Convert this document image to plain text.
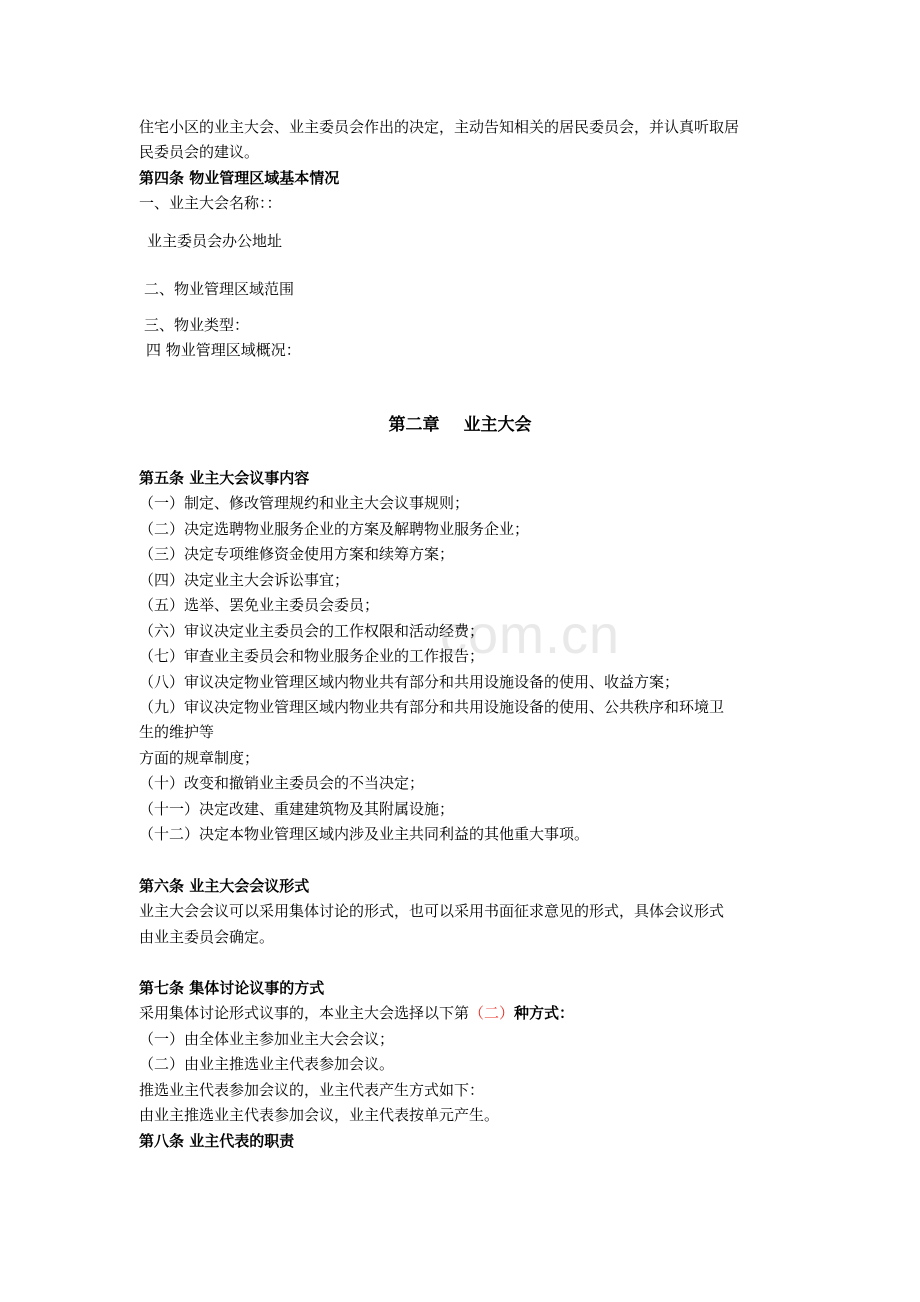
com.cn
住宅小区的业主大会、业主委员会作出的决定，主动告知相关的居民委员会，并认真听取居
民委员会的建议。
第四条 物业管理区域基本情况
一、业主大会名称：：
业主委员会办公地址
二、物业管理区域范围
三、物业类型：
四 物业管理区域概况：
第二章 业主大会
第五条 业主大会议事内容
（一）制定、修改管理规约和业主大会议事规则；
（二）决定选聘物业服务企业的方案及解聘物业服务企业；
（三）决定专项维修资金使用方案和续筹方案；
（四）决定业主大会诉讼事宜；
（五）选举、罢免业主委员会委员；
（六）审议决定业主委员会的工作权限和活动经费；
（七）审查业主委员会和物业服务企业的工作报告；
（八）审议决定物业管理区域内物业共有部分和共用设施设备的使用、收益方案；
（九）审议决定物业管理区域内物业共有部分和共用设施设备的使用、公共秩序和环境卫
生的维护等
方面的规章制度；
（十）改变和撤销业主委员会的不当决定；
（十一）决定改建、重建建筑物及其附属设施；
（十二）决定本物业管理区域内涉及业主共同利益的其他重大事项。
第六条 业主大会会议形式
业主大会会议可以采用集体讨论的形式，也可以采用书面征求意见的形式，具体会议形式
由业主委员会确定。
第七条 集体讨论议事的方式
采用集体讨论形式议事的，本业主大会选择以下第（二）种方式：
（一）由全体业主参加业主大会会议；
（二）由业主推选业主代表参加会议。
推选业主代表参加会议的，业主代表产生方式如下：
由业主推选业主代表参加会议，业主代表按单元产生。
第八条 业主代表的职责
